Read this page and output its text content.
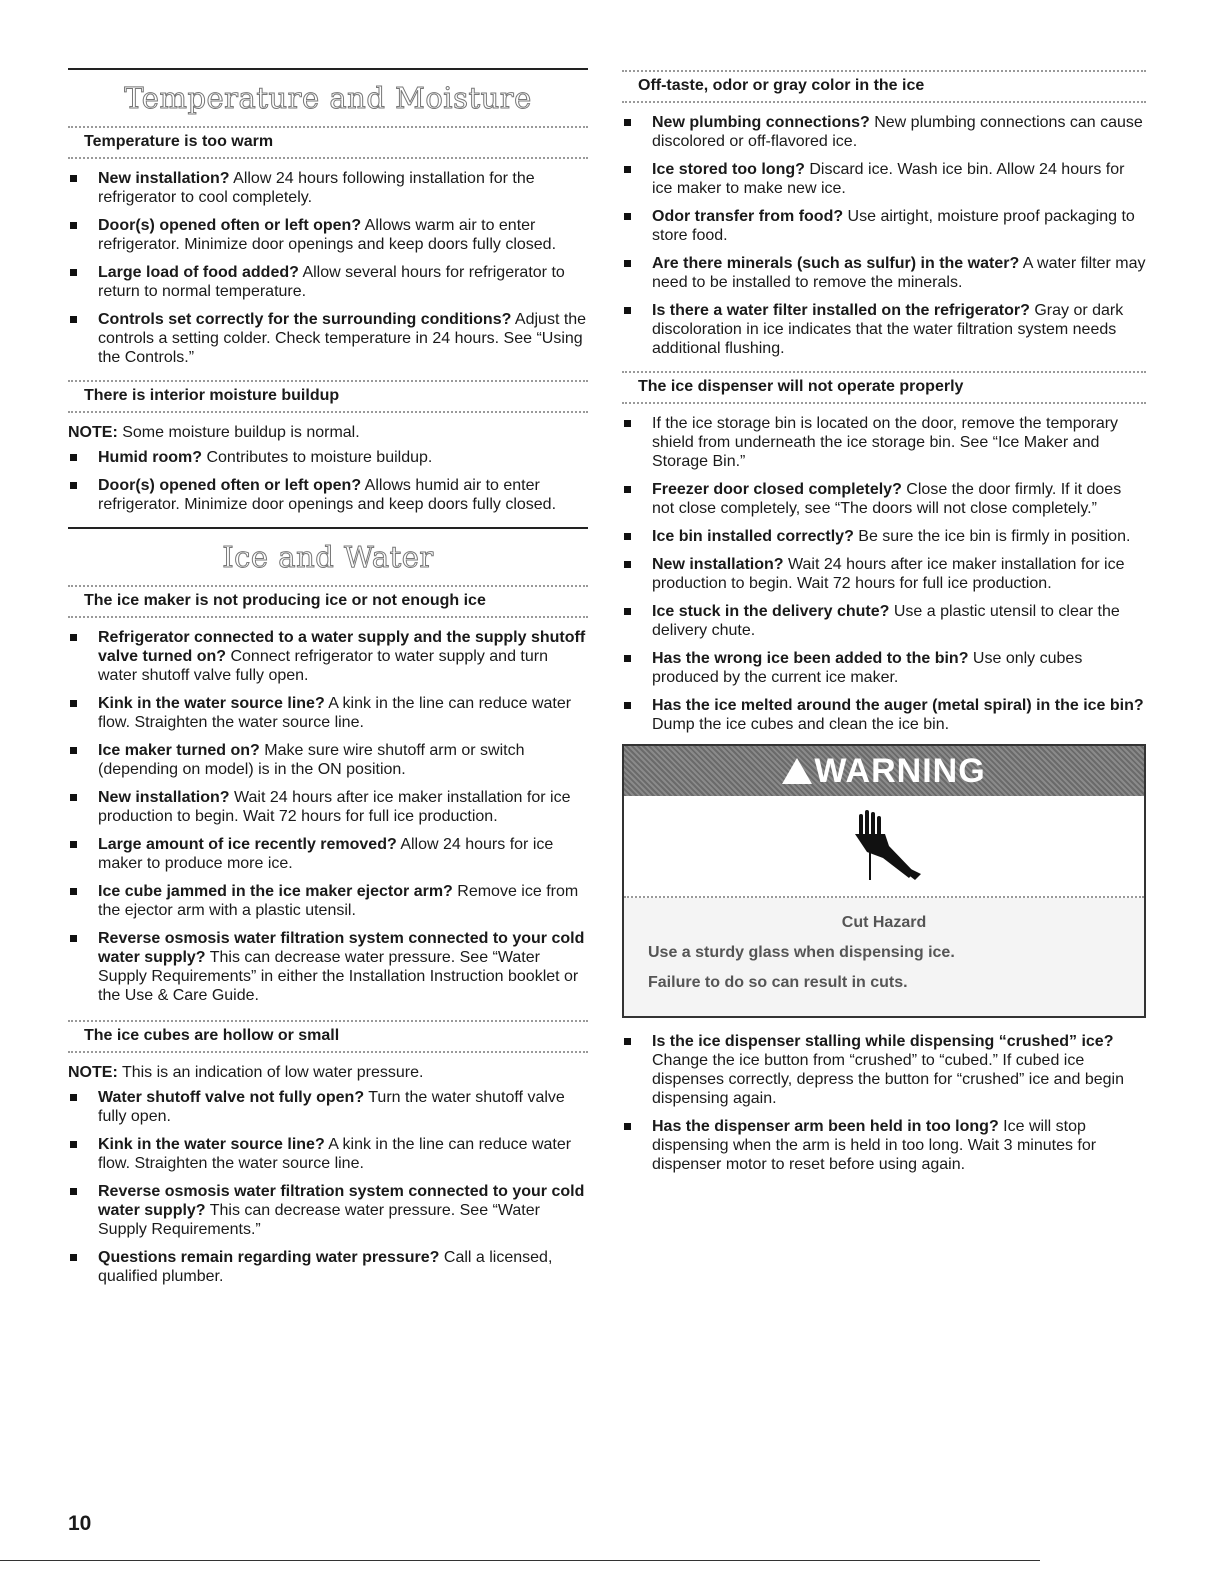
Temperature and Moisture
Temperature is too warm
New installation? Allow 24 hours following installation for the refrigerator to cool completely.
Door(s) opened often or left open? Allows warm air to enter refrigerator. Minimize door openings and keep doors fully closed.
Large load of food added? Allow several hours for refrigerator to return to normal temperature.
Controls set correctly for the surrounding conditions? Adjust the controls a setting colder. Check temperature in 24 hours. See “Using the Controls.”
There is interior moisture buildup
NOTE: Some moisture buildup is normal.
Humid room? Contributes to moisture buildup.
Door(s) opened often or left open? Allows humid air to enter refrigerator. Minimize door openings and keep doors fully closed.
Ice and Water
The ice maker is not producing ice or not enough ice
Refrigerator connected to a water supply and the supply shutoff valve turned on? Connect refrigerator to water supply and turn water shutoff valve fully open.
Kink in the water source line? A kink in the line can reduce water flow. Straighten the water source line.
Ice maker turned on? Make sure wire shutoff arm or switch (depending on model) is in the ON position.
New installation? Wait 24 hours after ice maker installation for ice production to begin. Wait 72 hours for full ice production.
Large amount of ice recently removed? Allow 24 hours for ice maker to produce more ice.
Ice cube jammed in the ice maker ejector arm? Remove ice from the ejector arm with a plastic utensil.
Reverse osmosis water filtration system connected to your cold water supply? This can decrease water pressure. See “Water Supply Requirements” in either the Installation Instruction booklet or the Use & Care Guide.
The ice cubes are hollow or small
NOTE: This is an indication of low water pressure.
Water shutoff valve not fully open? Turn the water shutoff valve fully open.
Kink in the water source line? A kink in the line can reduce water flow. Straighten the water source line.
Reverse osmosis water filtration system connected to your cold water supply? This can decrease water pressure. See “Water Supply Requirements.”
Questions remain regarding water pressure? Call a licensed, qualified plumber.
Off-taste, odor or gray color in the ice
New plumbing connections? New plumbing connections can cause discolored or off-flavored ice.
Ice stored too long? Discard ice. Wash ice bin. Allow 24 hours for ice maker to make new ice.
Odor transfer from food? Use airtight, moisture proof packaging to store food.
Are there minerals (such as sulfur) in the water? A water filter may need to be installed to remove the minerals.
Is there a water filter installed on the refrigerator? Gray or dark discoloration in ice indicates that the water filtration system needs additional flushing.
The ice dispenser will not operate properly
If the ice storage bin is located on the door, remove the temporary shield from underneath the ice storage bin. See “Ice Maker and Storage Bin.”
Freezer door closed completely? Close the door firmly. If it does not close completely, see “The doors will not close completely.”
Ice bin installed correctly? Be sure the ice bin is firmly in position.
New installation? Wait 24 hours after ice maker installation for ice production to begin. Wait 72 hours for full ice production.
Ice stuck in the delivery chute? Use a plastic utensil to clear the delivery chute.
Has the wrong ice been added to the bin? Use only cubes produced by the current ice maker.
Has the ice melted around the auger (metal spiral) in the ice bin? Dump the ice cubes and clean the ice bin.
WARNING
Cut Hazard
Use a sturdy glass when dispensing ice.
Failure to do so can result in cuts.
Is the ice dispenser stalling while dispensing “crushed” ice? Change the ice button from “crushed” to “cubed.” If cubed ice dispenses correctly, depress the button for “crushed” ice and begin dispensing again.
Has the dispenser arm been held in too long? Ice will stop dispensing when the arm is held in too long. Wait 3 minutes for dispenser motor to reset before using again.
10
